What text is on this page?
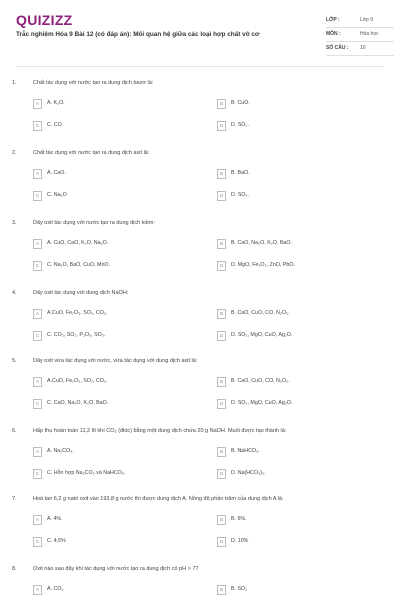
QUIZIZZ
Trắc nghiệm Hóa 9 Bài 12 (có đáp án): Mối quan hệ giữa các loại hợp chất vô cơ
LỚP :	Lớp 9
MÔN :	Hóa học
SỐ CÂU : 10
1.	Chất tác dụng với nước tạo ra dung dịch bazơ là:
A	A. K₂O.	B	B. CuO.
C	C. CO.	D	D. SO₂.
2.	Chất tác dụng với nước tạo ra dung dịch axit là:
A	A. CaO.	B	B. BaO.
C	C. Na₂O	D	D. SO₃.
3.	Dãy oxit tác dụng với nước tạo ra dung dịch kiềm:
A	A. CuO, CaO, K₂O, Na₂O.	B	B. CaO, Na₂O, K₂O, BaO.
C	C. Na₂O, BaO, CuO, MnO.	D	D. MgO, Fe₂O₃, ZnO, PbO.
4.	Dãy oxit tác dụng với dung dịch NaOH:
A	A.CuO, Fe₂O₃, SO₂, CO₂.	B	B. CaO, CuO, CO, N₂O₅.
C	C. CO₂, SO₂, P₂O₅, SO₃.	D	D. SO₂, MgO, CuO, Ag₂O.
5.	Dãy oxit vừa tác dụng với nước, vừa tác dụng với dung dịch axit là:
A	A.CuO, Fe₂O₃, SO₂, CO₂.	B	B. CaO, CuO, CO, N₂O₅.
C	C. CaO, Na₂O, K₂O, BaO.	D	D. SO₂, MgO, CuO, Ag₂O.
6.	Hấp thụ hoàn toàn 11,2 lít khí CO₂ (đktc) bằng một dung dịch chứa 20 g NaOH. Muối được tạo thành là:
A	A. Na₂CO₃.	B	B. NaHCO₃.
C	C. Hỗn hợp Na₂CO₃ và NaHCO₃.	D	D. Na(HCO₃)₂.
7.	Hoà tan 6,2 g natri oxit vào 193,8 g nước thì được dung dịch A. Nồng độ phần trăm của dung dịch A là:
A	A. 4%.	B	B. 6%.
C	C. 4,5%	D	D. 10%
8.	Oxit nào sau đây khi tác dụng với nước tạo ra dung dịch có pH > 7?
A	A. CO₂	B	B. SO₂
